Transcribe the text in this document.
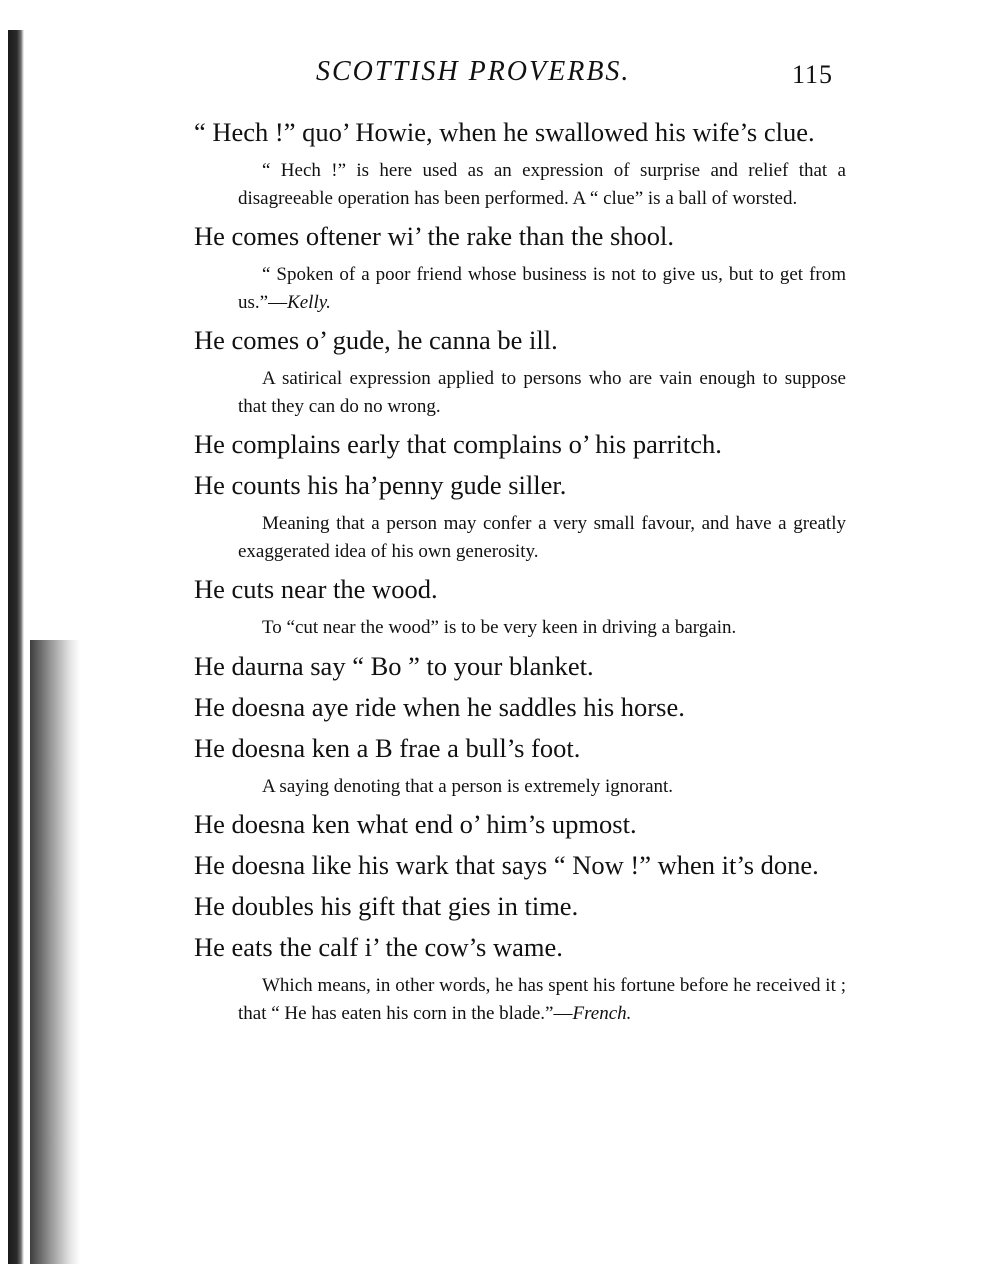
SCOTTISH PROVERBS.	115

“ Hech !” quo’ Howie, when he swallowed his wife’s clue.

“ Hech !” is here used as an expression of surprise and relief that a disagreeable operation has been performed. A “ clue” is a ball of worsted.

He comes oftener wi’ the rake than the shool.

“ Spoken of a poor friend whose business is not to give us, but to get from us.”—Kelly.

He comes o’ gude, he canna be ill.

A satirical expression applied to persons who are vain enough to suppose that they can do no wrong.

He complains early that complains o’ his parritch.

He counts his ha’penny gude siller.

Meaning that a person may confer a very small favour, and have a greatly exaggerated idea of his own generosity.

He cuts near the wood.

To “cut near the wood” is to be very keen in driving a bargain.

He daurna say “ Bo ” to your blanket.

He doesna aye ride when he saddles his horse.

He doesna ken a B frae a bull’s foot.

A saying denoting that a person is extremely ignorant.

He doesna ken what end o’ him’s upmost.

He doesna like his wark that says “ Now !” when it’s done.

He doubles his gift that gies in time.

He eats the calf i’ the cow’s wame.

Which means, in other words, he has spent his fortune before he received it ; that “ He has eaten his corn in the blade.”—French.
